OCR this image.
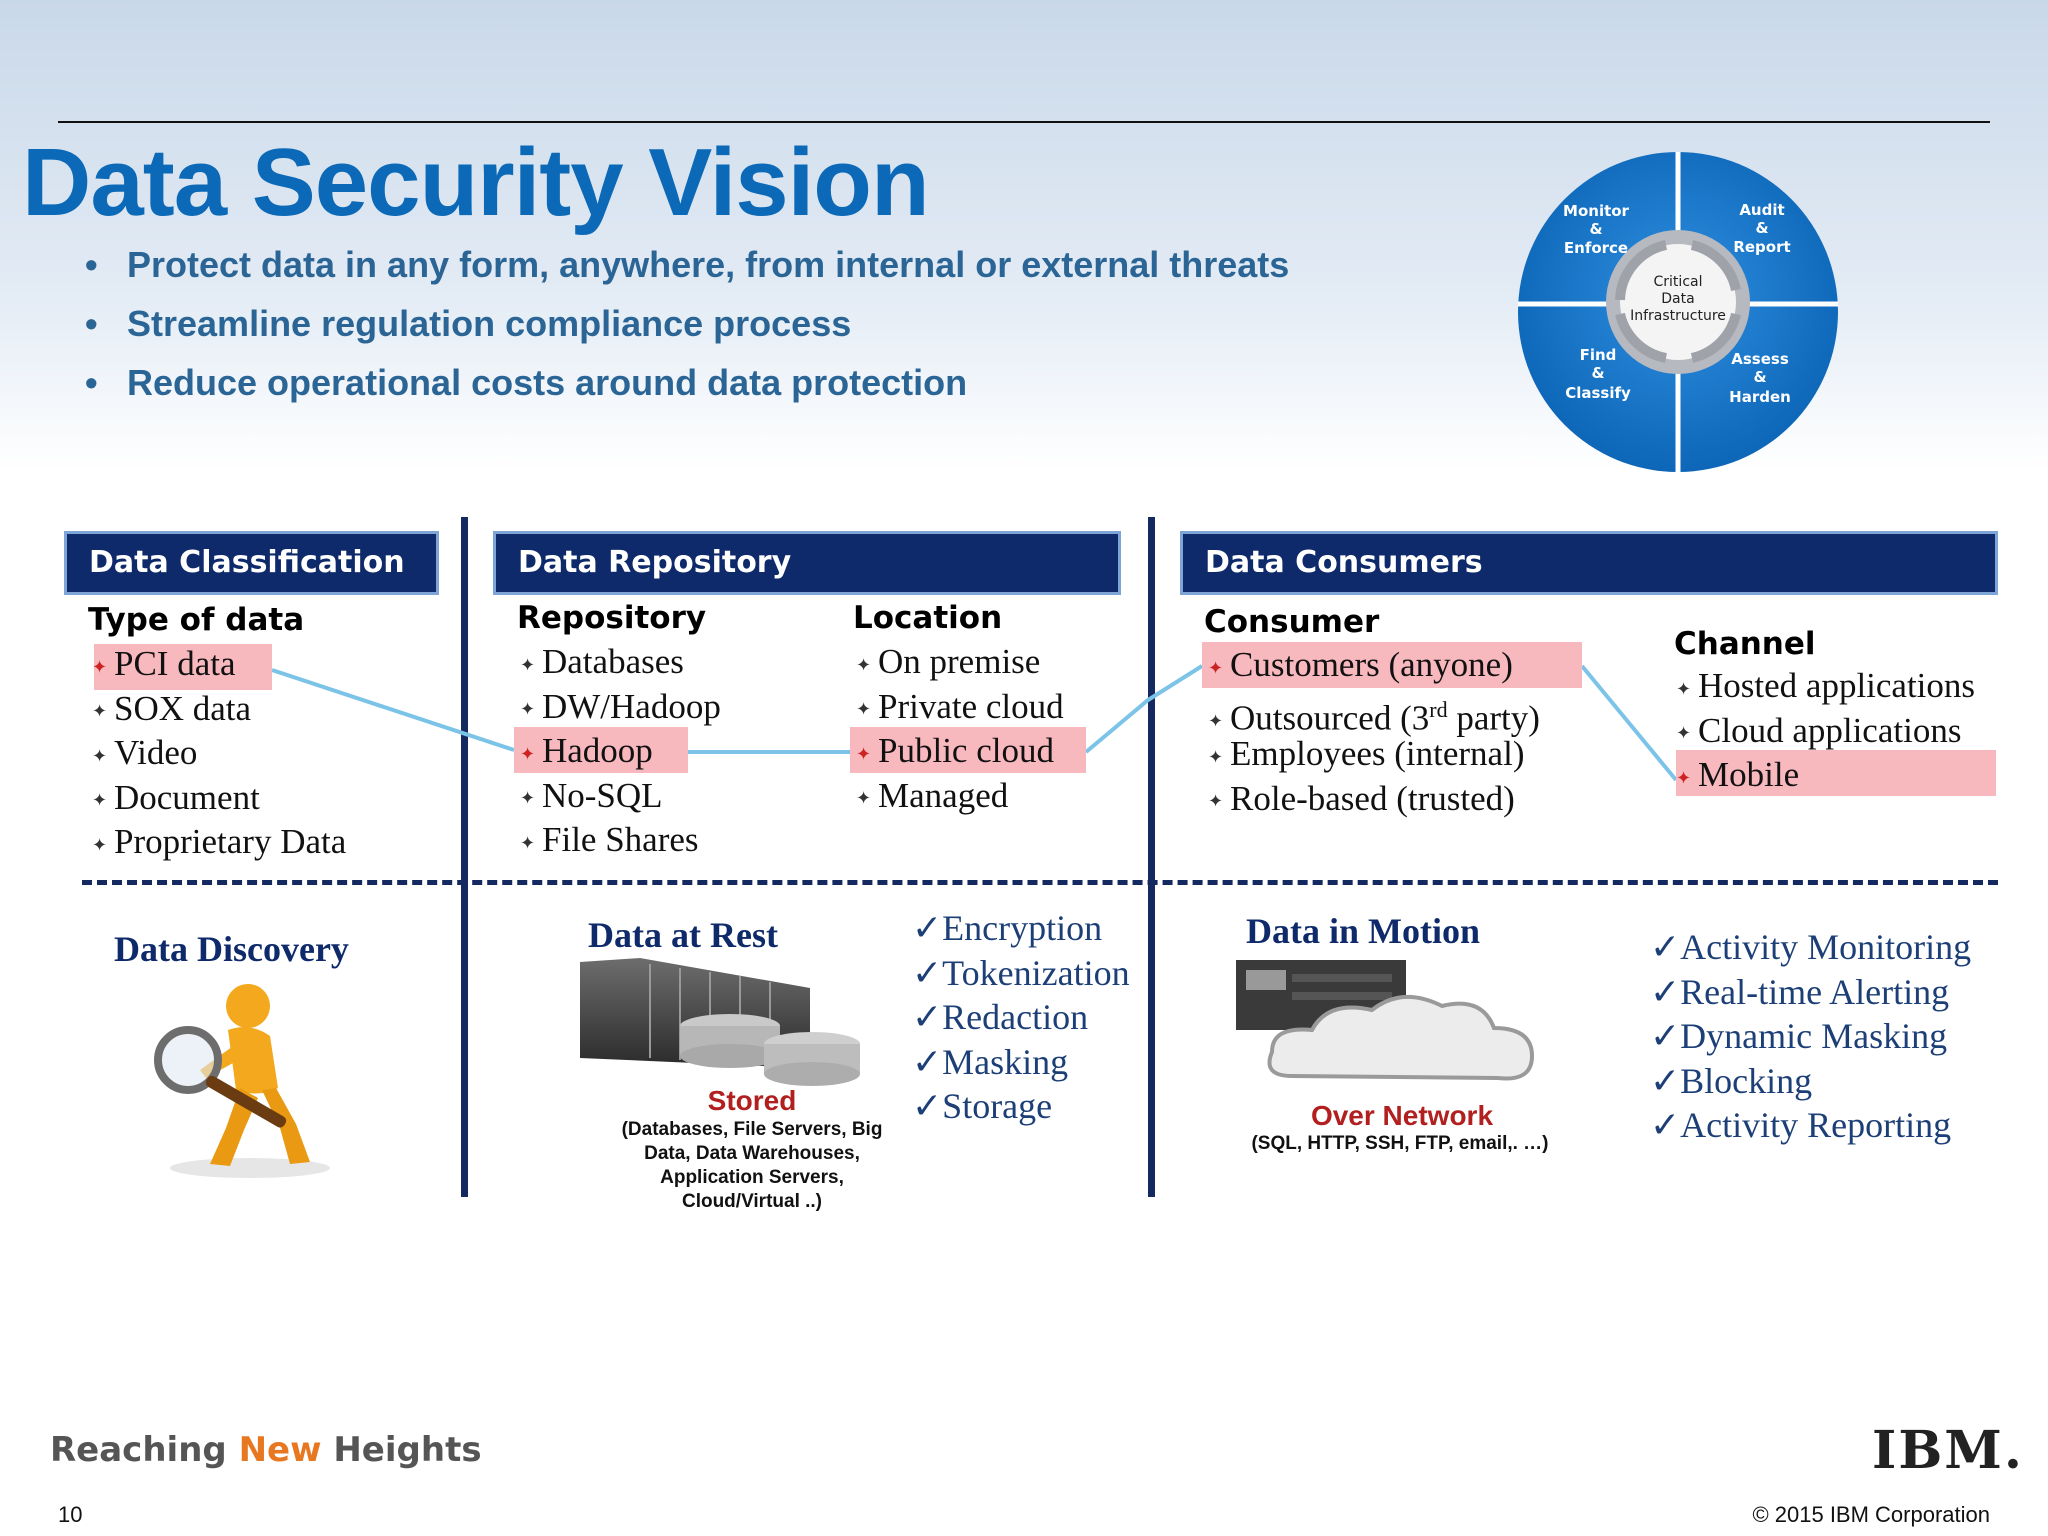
Data Security Vision
• Protect data in any form, anywhere, from internal or external threats
• Streamline regulation compliance process
• Reduce operational costs around data protection
Critical
Data
Infrastructure
Monitor
&
Enforce
Audit
&
Report
Find
&
Classify
Assess
&
Harden
Data Classification
Type of data
✦ PCI data
✦ SOX data
✦ Video
✦ Document
✦ Proprietary Data
Data Repository
Repository	Location
✦ Databases
✦ DW/Hadoop
✦ Hadoop
✦ No-SQL
✦ File Shares
✦ On premise
✦ Private cloud
✦ Public cloud
✦ Managed
Data Consumers
Consumer
Channel
✦ Customers (anyone)
✦ Outsourced (3rd party)
✦ Employees (internal)
✦ Role-based (trusted)
✦ Hosted applications
✦ Cloud applications
✦ Mobile
Data Discovery	Data at Rest
Stored
(Databases, File Servers, Big
Data, Data Warehouses,
Application Servers,
Cloud/Virtual ..)
✓Encryption
✓Tokenization
✓Redaction
✓Masking
✓Storage
Data in Motion
Over Network
(SQL, HTTP, SSH, FTP, email,. …)
✓Activity Monitoring
✓Real-time Alerting
✓Dynamic Masking
✓Blocking
✓Activity Reporting
Reaching New Heights	IBM.
10	© 2015 IBM Corporation
